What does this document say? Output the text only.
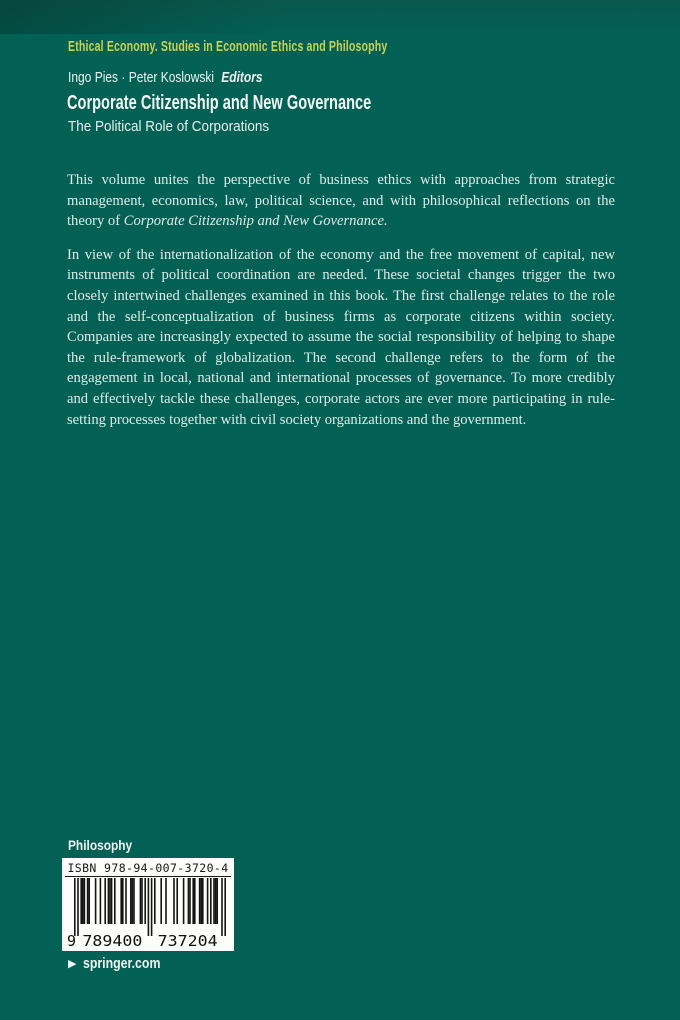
Ethical Economy. Studies in Economic Ethics and Philosophy
Ingo Pies · Peter Koslowski Editors
Corporate Citizenship and New Governance
The Political Role of Corporations

This volume unites the perspective of business ethics with approaches from strategic management, economics, law, political science, and with philosophical reflections on the theory of Corporate Citizenship and New Governance.

In view of the internationalization of the economy and the free movement of capital, new instruments of political coordination are needed. These societal changes trigger the two closely intertwined challenges examined in this book. The first challenge relates to the role and the self-conceptualization of business firms as corporate citizens within society. Companies are increasingly expected to assume the social responsibility of helping to shape the rule-framework of globalization. The second challenge refers to the form of the engagement in local, national and international processes of governance. To more credibly and effectively tackle these challenges, corporate actors are ever more participating in rule-setting processes together with civil society organizations and the government.

Philosophy
ISBN 978-94-007-3720-4
9 789400 737204
▶ springer.com
